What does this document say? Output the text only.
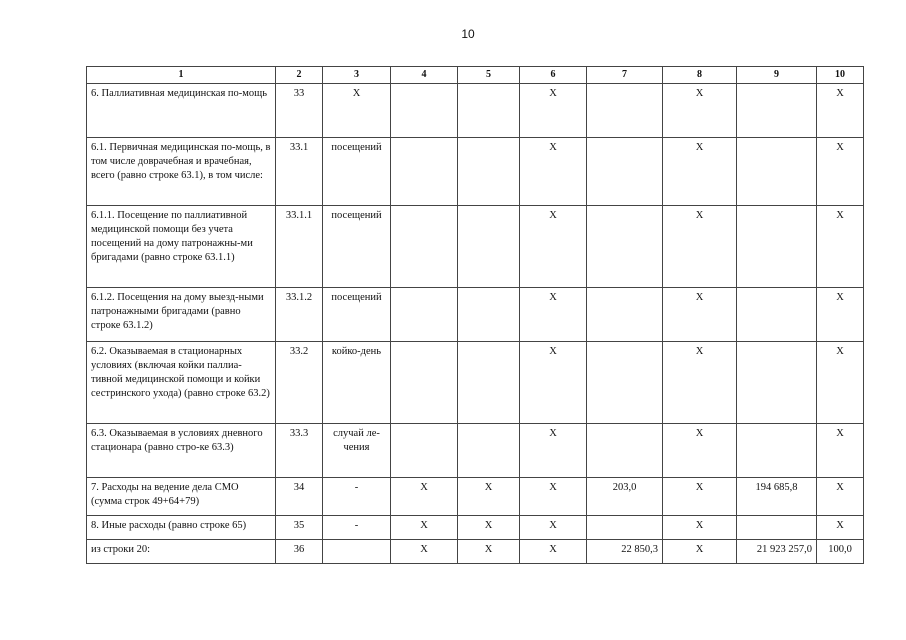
10
1	2	3	4	5	6	7	8	9	10
6. Паллиативная медицинская по-мощь	33	X			X		X		X
6.1. Первичная медицинская по-мощь, в том числе доврачебная и врачебная, всего (равно строке 63.1), в том числе:	33.1	посещений			X		X		X
6.1.1. Посещение по паллиативной медицинской помощи без учета посещений на дому патронажны-ми бригадами (равно строке 63.1.1)	33.1.1	посещений			X		X		X
6.1.2. Посещения на дому выезд-ными патронажными бригадами (равно строке 63.1.2)	33.1.2	посещений			X		X		X
6.2. Оказываемая в стационарных условиях (включая койки паллиа-тивной медицинской помощи и койки сестринского ухода) (равно строке 63.2)	33.2	койко-день			X		X		X
6.3. Оказываемая в условиях дневного стационара (равно стро-ке 63.3)	33.3	случай ле-чения			X		X		X
7. Расходы на ведение дела СМО (сумма строк 49+64+79)	34	-	X	X	X	203,0	X	194 685,8	X
8. Иные расходы (равно строке 65)	35	-	X	X	X		X		X
из строки 20:	36		X	X	X	22 850,3	X	21 923 257,0	100,0
